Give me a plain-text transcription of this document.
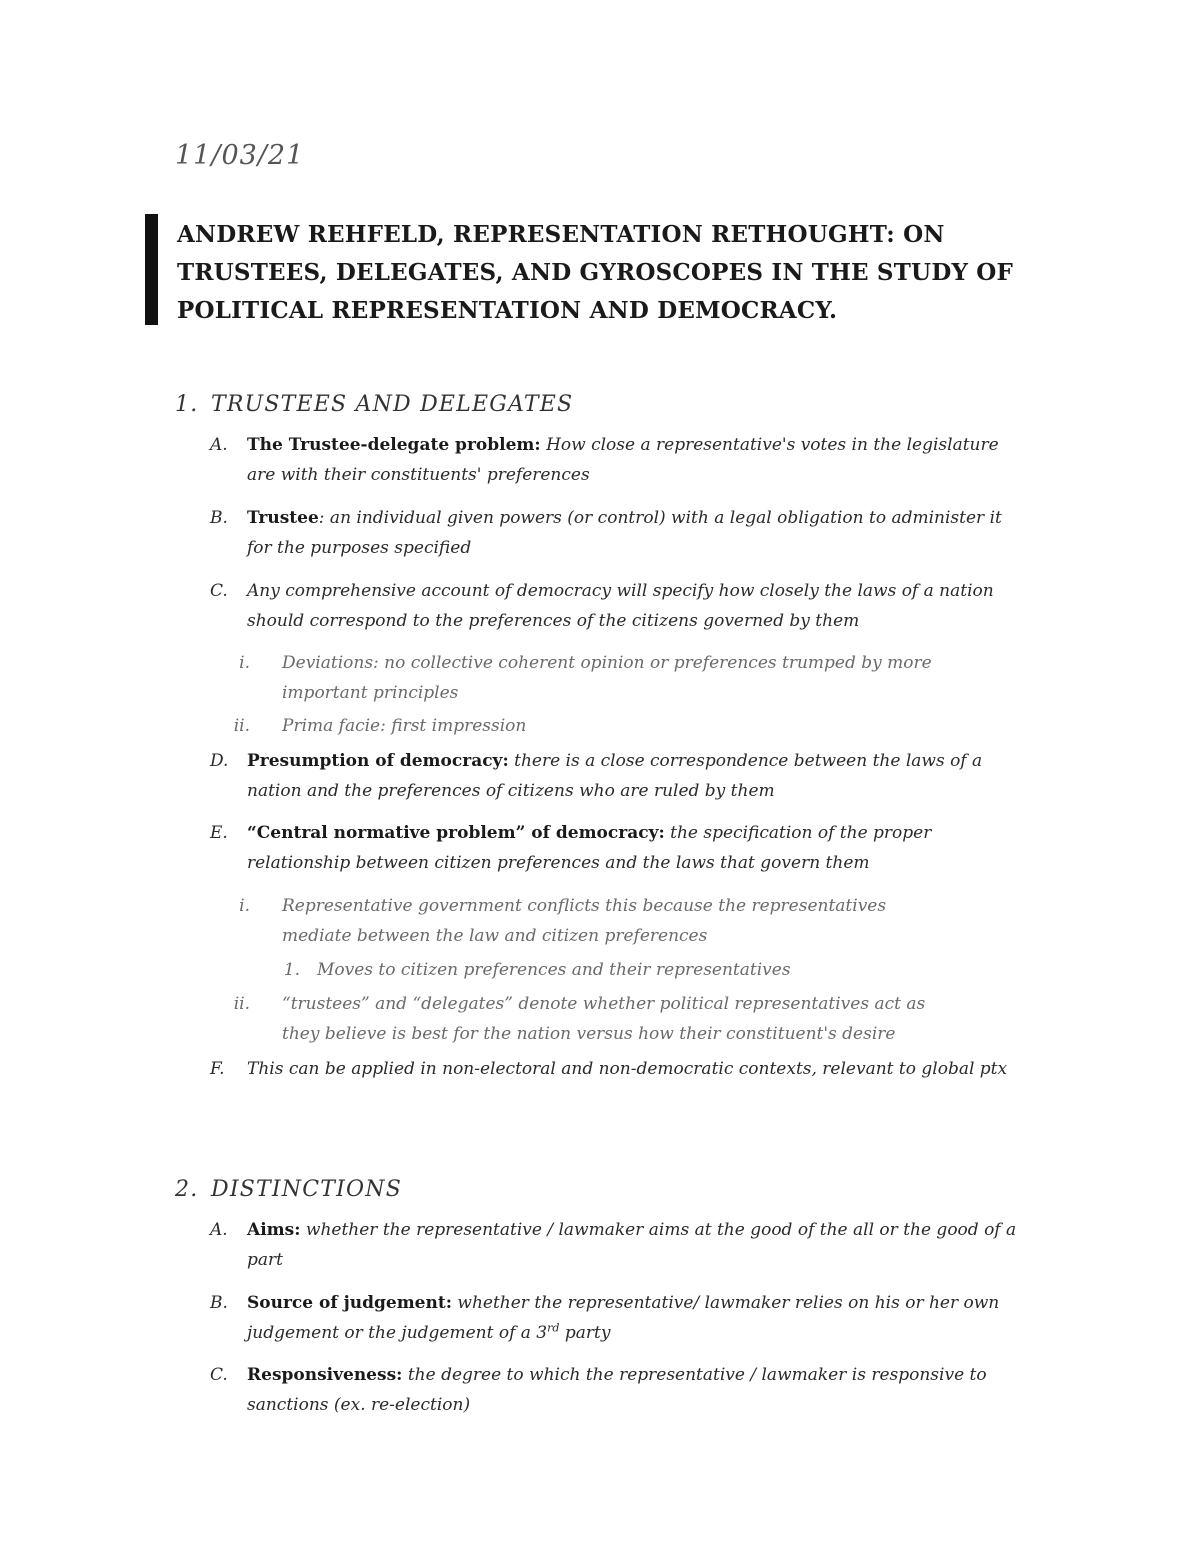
11/03/21
ANDREW REHFELD, REPRESENTATION RETHOUGHT: ON TRUSTEES, DELEGATES, AND GYROSCOPES IN THE STUDY OF POLITICAL REPRESENTATION AND DEMOCRACY.
1. TRUSTEES AND DELEGATES
A.	The Trustee-delegate problem: How close a representative's votes in the legislature are with their constituents' preferences
B.	Trustee: an individual given powers (or control) with a legal obligation to administer it for the purposes specified
C.	Any comprehensive account of democracy will specify how closely the laws of a nation should correspond to the preferences of the citizens governed by them
i. Deviations: no collective coherent opinion or preferences trumped by more important principles
ii. Prima facie: first impression
D.	Presumption of democracy: there is a close correspondence between the laws of a nation and the preferences of citizens who are ruled by them
E.	“Central normative problem” of democracy: the specification of the proper relationship between citizen preferences and the laws that govern them
i. Representative government conflicts this because the representatives mediate between the law and citizen preferences
1. Moves to citizen preferences and their representatives
ii. “trustees” and “delegates” denote whether political representatives act as they believe is best for the nation versus how their constituent's desire
F.	This can be applied in non-electoral and non-democratic contexts, relevant to global ptx
2. DISTINCTIONS
A.	Aims: whether the representative / lawmaker aims at the good of the all or the good of a part
B.	Source of judgement: whether the representative/ lawmaker relies on his or her own judgement or the judgement of a 3rd party
C.	Responsiveness: the degree to which the representative / lawmaker is responsive to sanctions (ex. re-election)
